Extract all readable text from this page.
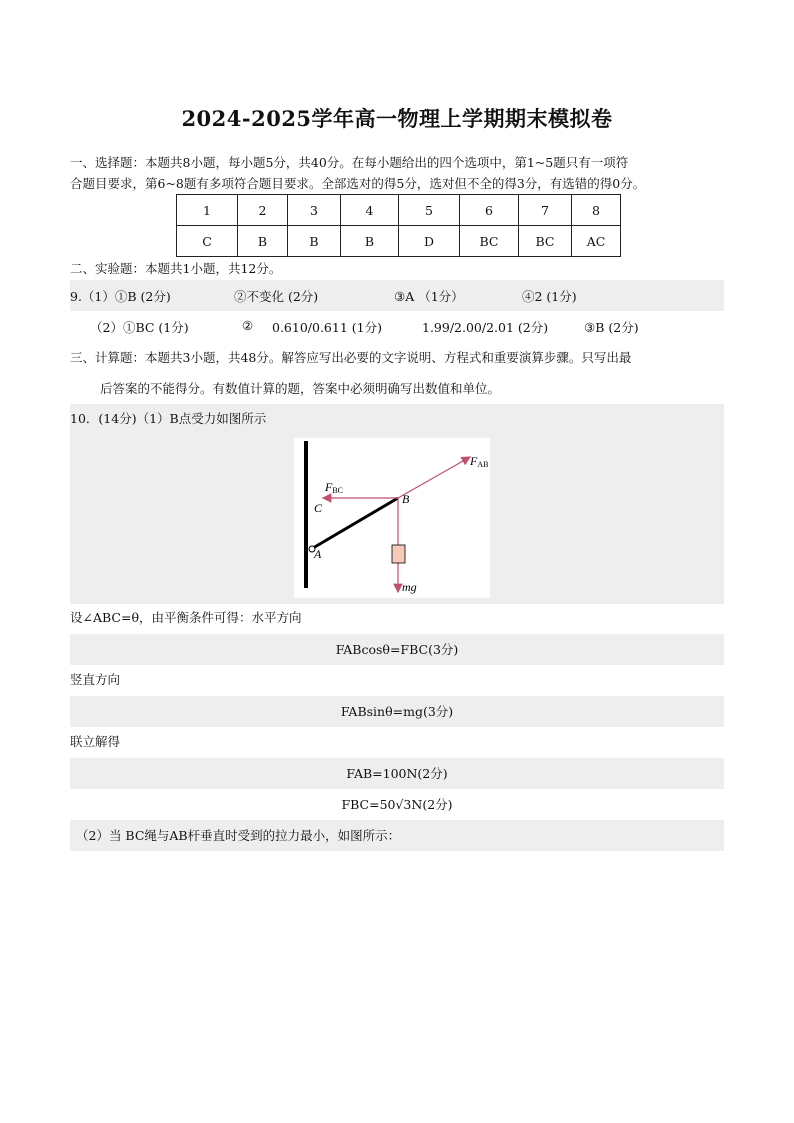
2024-2025学年高一物理上学期期末模拟卷
一、选择题：本题共8小题，每小题5分，共40分。在每小题给出的四个选项中，第1~5题只有一项符
合题目要求，第6~8题有多项符合题目要求。全部选对的得5分，选对但不全的得3分，有选错的得0分。
1	2	3	4	5	6	7	8
C	B	B	B	D	BC	BC	AC
二、实验题：本题共1小题，共12分。
9.（1）①B (2分)	②不变化 (2分)	③A （1分）	④2 (1分)
（2）①BC (1分)	② 0.610/0.611 (1分)	1.99/2.00/2.01 (2分)	③B (2分)
三、计算题：本题共3小题，共48分。解答应写出必要的文字说明、方程式和重要演算步骤。只写出最
后答案的不能得分。有数值计算的题，答案中必须明确写出数值和单位。
10．(14分)（1）B点受力如图所示
FAB
FBC
B
C
A
mg
设∠ABC=θ，由平衡条件可得：水平方向
FABcosθ=FBC(3分)
竖直方向
FABsinθ=mg(3分)
联立解得
FAB=100N(2分)
FBC=50√3N(2分)
（2）当 BC绳与AB杆垂直时受到的拉力最小，如图所示：
